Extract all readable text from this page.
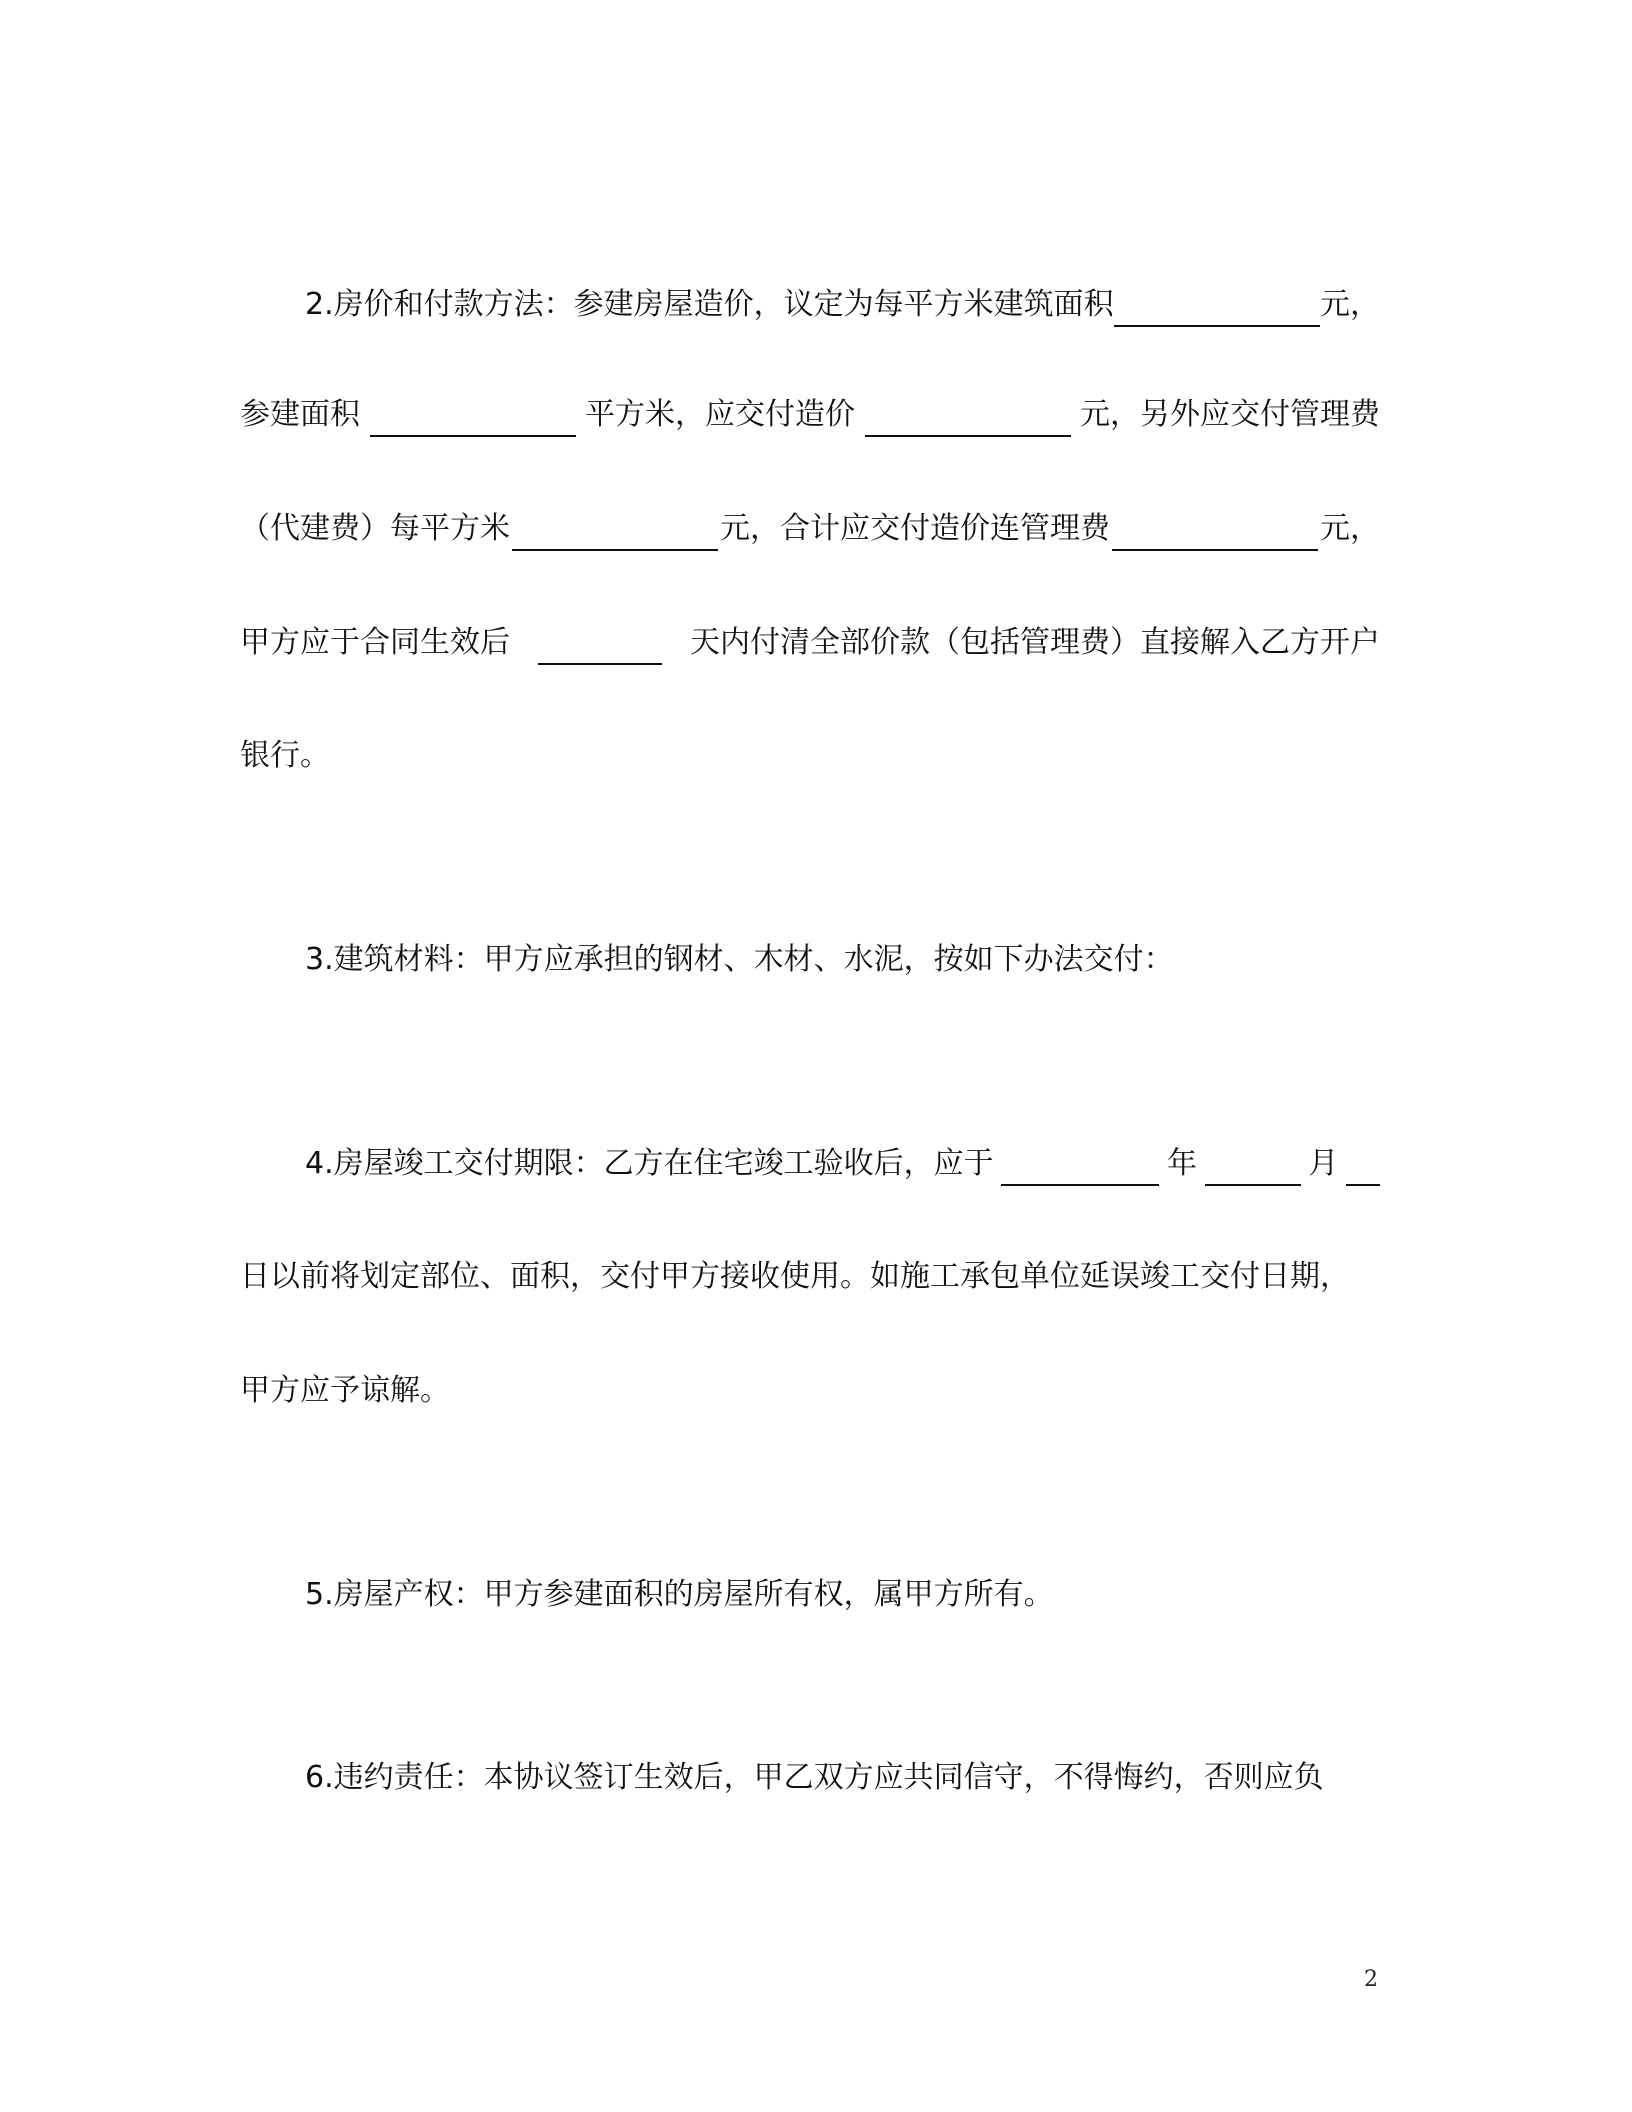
2.房价和付款方法：参建房屋造价，议定为每平方米建筑面积	元，
参建面积	平方米，应交付造价	元，另外应交付管理费
（代建费）每平方米	元，合计应交付造价连管理费	元，
甲方应于合同生效后	天内付清全部价款（包括管理费）直接解入乙方开户
银行。
3.建筑材料：甲方应承担的钢材、木材、水泥，按如下办法交付：
4.房屋竣工交付期限：乙方在住宅竣工验收后，应于	年	月
日以前将划定部位、面积，交付甲方接收使用。如施工承包单位延误竣工交付日期，
甲方应予谅解。
5.房屋产权：甲方参建面积的房屋所有权，属甲方所有。
6.违约责任：本协议签订生效后，甲乙双方应共同信守，不得悔约，否则应负
2
